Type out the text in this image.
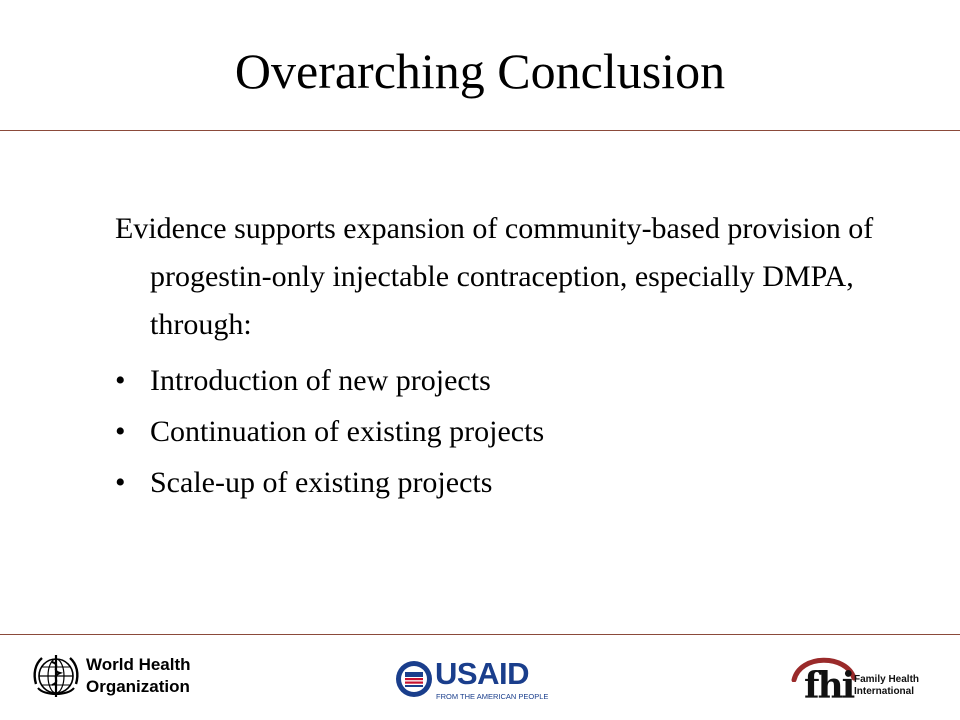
Overarching Conclusion

Evidence supports expansion of community-based provision of progestin-only injectable contraception, especially DMPA, through:

• Introduction of new projects
• Continuation of existing projects
• Scale-up of existing projects
World Health
Organization	USAID
FROM THE AMERICAN PEOPLE	fhi Family Health
International
